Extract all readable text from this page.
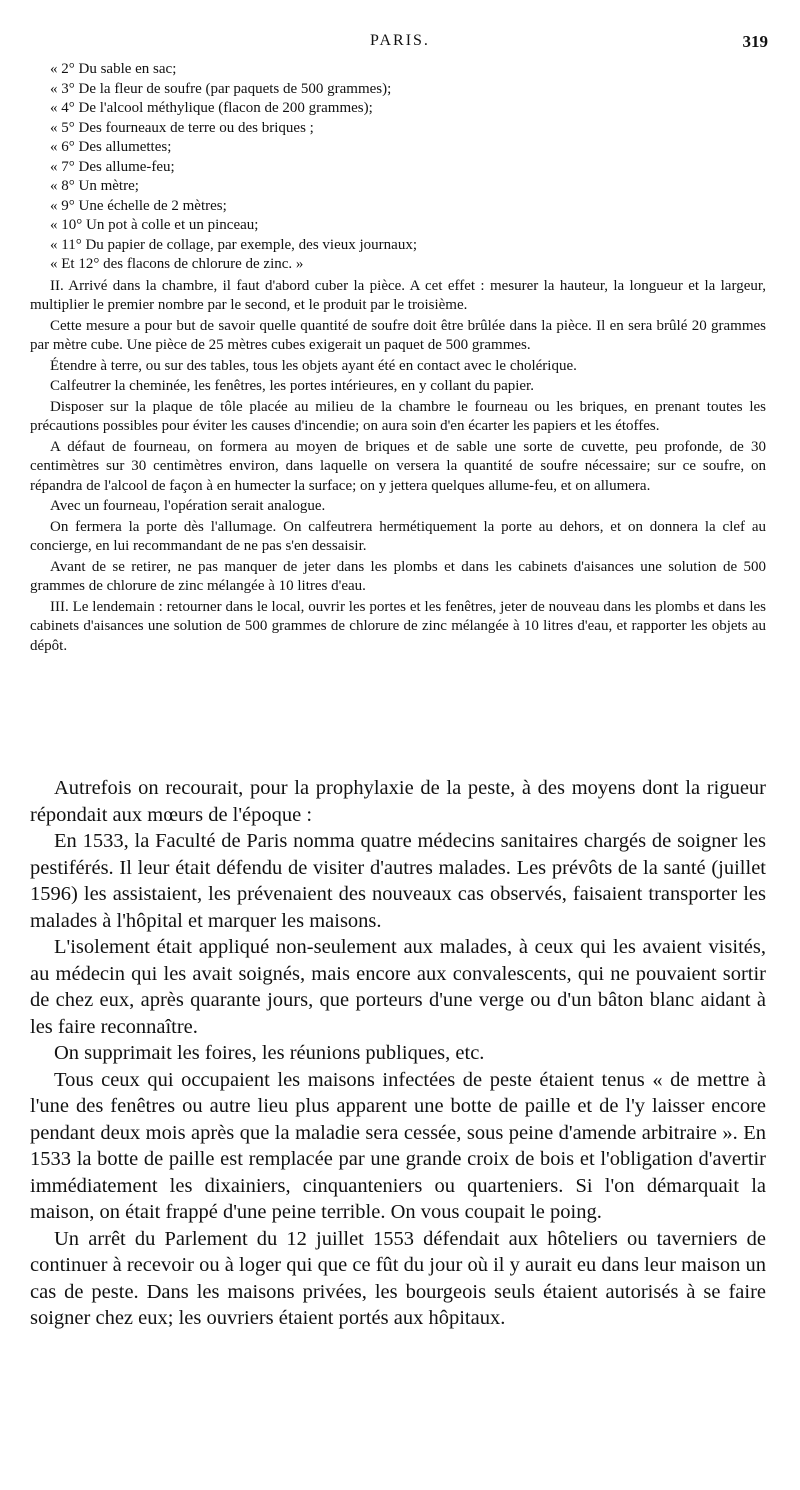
PARIS.	319
« 2° Du sable en sac;
« 3° De la fleur de soufre (par paquets de 500 grammes);
« 4° De l'alcool méthylique (flacon de 200 grammes);
« 5° Des fourneaux de terre ou des briques ;
« 6° Des allumettes;
« 7° Des allume-feu;
« 8° Un mètre;
« 9° Une échelle de 2 mètres;
« 10° Un pot à colle et un pinceau;
« 11° Du papier de collage, par exemple, des vieux journaux;
« Et 12° des flacons de chlorure de zinc. »

II. Arrivé dans la chambre, il faut d'abord cuber la pièce. A cet effet : mesurer la hauteur, la longueur et la largeur, multiplier le premier nombre par le second, et le produit par le troisième.

Cette mesure a pour but de savoir quelle quantité de soufre doit être brûlée dans la pièce. Il en sera brûlé 20 grammes par mètre cube. Une pièce de 25 mètres cubes exigerait un paquet de 500 grammes.

Étendre à terre, ou sur des tables, tous les objets ayant été en contact avec le cholérique.

Calfeutrer la cheminée, les fenêtres, les portes intérieures, en y collant du papier.

Disposer sur la plaque de tôle placée au milieu de la chambre le fourneau ou les briques, en prenant toutes les précautions possibles pour éviter les causes d'incendie; on aura soin d'en écarter les papiers et les étoffes.

A défaut de fourneau, on formera au moyen de briques et de sable une sorte de cuvette, peu profonde, de 30 centimètres sur 30 centimètres environ, dans laquelle on versera la quantité de soufre nécessaire; sur ce soufre, on répandra de l'alcool de façon à en humecter la surface; on y jettera quelques allume-feu, et on allumera.

Avec un fourneau, l'opération serait analogue.

On fermera la porte dès l'allumage. On calfeutrera hermétiquement la porte au dehors, et on donnera la clef au concierge, en lui recommandant de ne pas s'en dessaisir.

Avant de se retirer, ne pas manquer de jeter dans les plombs et dans les cabinets d'aisances une solution de 500 grammes de chlorure de zinc mélangée à 10 litres d'eau.

III. Le lendemain : retourner dans le local, ouvrir les portes et les fenêtres, jeter de nouveau dans les plombs et dans les cabinets d'aisances une solution de 500 grammes de chlorure de zinc mélangée à 10 litres d'eau, et rapporter les objets au dépôt.

Autrefois on recourait, pour la prophylaxie de la peste, à des moyens dont la rigueur répondait aux mœurs de l'époque :

En 1533, la Faculté de Paris nomma quatre médecins sanitaires chargés de soigner les pestiférés. Il leur était défendu de visiter d'autres malades. Les prévôts de la santé (juillet 1596) les assistaient, les prévenaient des nouveaux cas observés, faisaient transporter les malades à l'hôpital et marquer les maisons.

L'isolement était appliqué non-seulement aux malades, à ceux qui les avaient visités, au médecin qui les avait soignés, mais encore aux convalescents, qui ne pouvaient sortir de chez eux, après quarante jours, que porteurs d'une verge ou d'un bâton blanc aidant à les faire reconnaître.

On supprimait les foires, les réunions publiques, etc.

Tous ceux qui occupaient les maisons infectées de peste étaient tenus « de mettre à l'une des fenêtres ou autre lieu plus apparent une botte de paille et de l'y laisser encore pendant deux mois après que la maladie sera cessée, sous peine d'amende arbitraire ». En 1533 la botte de paille est remplacée par une grande croix de bois et l'obligation d'avertir immédiatement les dixainiers, cinquanteniers ou quarteniers. Si l'on démarquait la maison, on était frappé d'une peine terrible. On vous coupait le poing.

Un arrêt du Parlement du 12 juillet 1553 défendait aux hôteliers ou taverniers de continuer à recevoir ou à loger qui que ce fût du jour où il y aurait eu dans leur maison un cas de peste. Dans les maisons privées, les bourgeois seuls étaient autorisés à se faire soigner chez eux; les ouvriers étaient portés aux hôpitaux.
